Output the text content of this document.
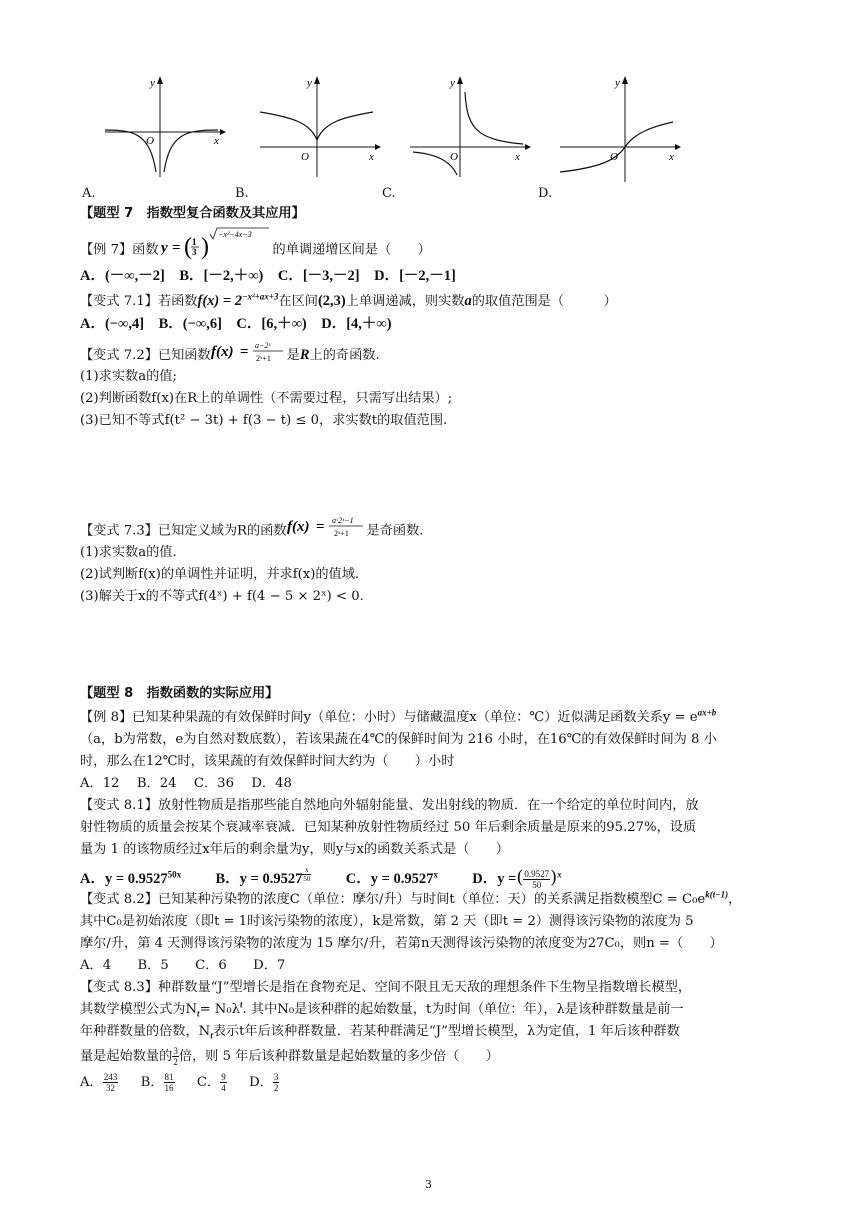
y
O	x
y
O	x
y
O	x
y
O	x
A.	B.	C.	D.
【题型 7　指数型复合函数及其应用】
【例 7】函数 y = ( 1
3 ) −x²−4x−3
的单调递增区间是（　　）
A．(－∞,－2]　B．[－2,＋∞)　C．[－3,－2]　D．[－2,－1]
【变式 7.1】若函数$f(x) = 2^{-x^2+ax+3}$在区间(2,3)上单调递减，则实数a的取值范围是（　　　）
A．(−∞,4]　B．(−∞,6]　C．[6,＋∞)　D．[4,＋∞)
【变式 7.2】已知函数 f(x) = a−2ˣ
2ˣ+1 是R上的奇函数.
(1)求实数a的值;
(2)判断函数f(x)在R上的单调性（不需要过程，只需写出结果）;
(3)已知不等式f(t² − 3t) + f(3 − t) ≤ 0，求实数t的取值范围.
【变式 7.3】已知定义域为R的函数 f(x) = a·2ˣ−1
2ˣ+1 是奇函数.
(1)求实数a的值.
(2)试判断f(x)的单调性并证明，并求f(x)的值域.
(3)解关于x的不等式f(4ˣ) + f(4 − 5 × 2ˣ) < 0.
【题型 8　指数函数的实际应用】
【例 8】已知某种果蔬的有效保鲜时间y（单位：小时）与储藏温度x（单位：℃）近似满足函数关系$y = e^{ax+b}$
（a，b为常数，e为自然对数底数），若该果蔬在4℃的保鲜时间为 216 小时，在16℃的有效保鲜时间为 8 小
时，那么在12℃时，该果蔬的有效保鲜时间大约为（　　）小时
A．12　 B．24　 C．36　 D．48
【变式 8.1】放射性物质是指那些能自然地向外辐射能量、发出射线的物质．在一个给定的单位时间内，放
射性物质的质量会按某个衰减率衰减．已知某种放射性物质经过 50 年后剩余质量是原来的95.27%，设质
量为 1 的该物质经过x年后的剩余量为y，则y与x的函数关系式是（　　）
A．$y = 0.9527^{50x}$ B．y = 0.9527 $^{\frac{x}{50}}$ C．$y = 0.9527^x$ D．y =( $\frac{0.9527}{50} )^x$
【变式 8.2】已知某种污染物的浓度C（单位：摩尔/升）与时间t（单位：天）的关系满足指数模型$C = C_0e^{k(t-1)}$，
其中C₀是初始浓度（即t = 1时该污染物的浓度），k是常数，第 2 天（即t = 2）测得该污染物的浓度为 5
摩尔/升，第 4 天测得该污染物的浓度为 15 摩尔/升，若第n天测得该污染物的浓度变为27C₀，则n =（　　）
A．4　　B．5　　C．6　　D．7
【变式 8.3】种群数量“J”型增长是指在食物充足、空间不限且无天敌的理想条件下生物呈指数增长模型，
其数学模型公式为$N_t= N_0\lambda^t$. 其中N₀是该种群的起始数量，t为时间（单位：年），λ是该种群数量是前一
年种群数量的倍数，$N_t$表示t年后该种群数量．若某种群满足“J”型增长模型，λ为定值，1 年后该种群数
量是起始数量的 $\frac{3}{2}$ 倍，则 5 年后该种群数量是起始数量的多少倍（　　）
A． $\frac{243}{32}$ B． $\frac{81}{16}$ C． $\frac{9}{4}$ D． $\frac{3}{2}$
3
